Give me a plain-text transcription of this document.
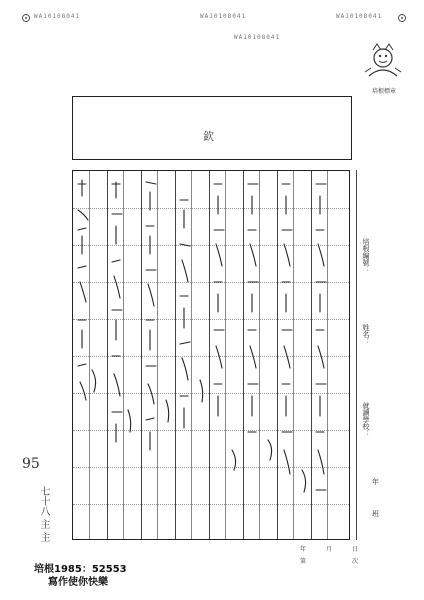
WA10108041	WA10108041	WA10108041
WA10108041
培根標章
欽
培根編號：
姓名：
就讀學校：
年
班
年	月	日
第	次
培根1985：52553
寫作使你快樂
95
七十八 主 主
